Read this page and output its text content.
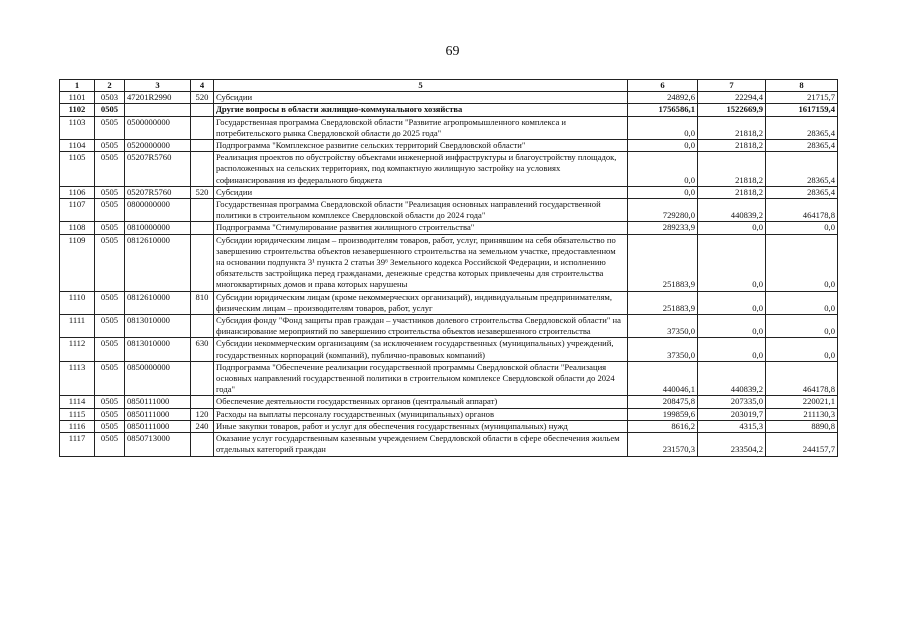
69
1	2	3	4	5	6	7	8
1101	0503	47201R2990	520	Субсидии	24892,6	22294,4	21715,7
1102	0505			Другие вопросы в области жилищно-коммунального хозяйства	1756586,1	1522669,9	1617159,4
1103	0505	0500000000		Государственная программа Свердловской области "Развитие агропромышленного комплекса и потребительского рынка Свердловской области до 2025 года"	0,0	21818,2	28365,4
1104	0505	0520000000		Подпрограмма "Комплексное развитие сельских территорий Свердловской области"	0,0	21818,2	28365,4
1105	0505	05207R5760		Реализация проектов по обустройству объектами инженерной инфраструктуры и благоустройству площадок, расположенных на сельских территориях, под компактную жилищную застройку на условиях софинансирования из федерального бюджета	0,0	21818,2	28365,4
1106	0505	05207R5760	520	Субсидии	0,0	21818,2	28365,4
1107	0505	0800000000		Государственная программа Свердловской области "Реализация основных направлений государственной политики в строительном комплексе Свердловской области до 2024 года"	729280,0	440839,2	464178,8
1108	0505	0810000000		Подпрограмма "Стимулирование развития жилищного строительства"	289233,9	0,0	0,0
1109	0505	0812610000		Субсидии юридическим лицам – производителям товаров, работ, услуг, принявшим на себя обязательство по завершению строительства объектов незавершенного строительства на земельном участке, предоставленном на основании подпункта 3¹ пункта 2 статьи 39⁶ Земельного кодекса Российской Федерации, и исполнению обязательств застройщика перед гражданами, денежные средства которых привлечены для строительства многоквартирных домов и права которых нарушены	251883,9	0,0	0,0
1110	0505	0812610000	810	Субсидии юридическим лицам (кроме некоммерческих организаций), индивидуальным предпринимателям, физическим лицам – производителям товаров, работ, услуг	251883,9	0,0	0,0
1111	0505	0813010000		Субсидия фонду "Фонд защиты прав граждан – участников долевого строительства Свердловской области" на финансирование мероприятий по завершению строительства объектов незавершенного строительства	37350,0	0,0	0,0
1112	0505	0813010000	630	Субсидии некоммерческим организациям (за исключением государственных (муниципальных) учреждений, государственных корпораций (компаний), публично-правовых компаний)	37350,0	0,0	0,0
1113	0505	0850000000		Подпрограмма "Обеспечение реализации государственной программы Свердловской области "Реализация основных направлений государственной политики в строительном комплексе Свердловской области до 2024 года"	440046,1	440839,2	464178,8
1114	0505	0850111000		Обеспечение деятельности государственных органов (центральный аппарат)	208475,8	207335,0	220021,1
1115	0505	0850111000	120	Расходы на выплаты персоналу государственных (муниципальных) органов	199859,6	203019,7	211130,3
1116	0505	0850111000	240	Иные закупки товаров, работ и услуг для обеспечения государственных (муниципальных) нужд	8616,2	4315,3	8890,8
1117	0505	0850713000		Оказание услуг государственным казенным учреждением Свердловской области в сфере обеспечения жильем отдельных категорий граждан	231570,3	233504,2	244157,7
